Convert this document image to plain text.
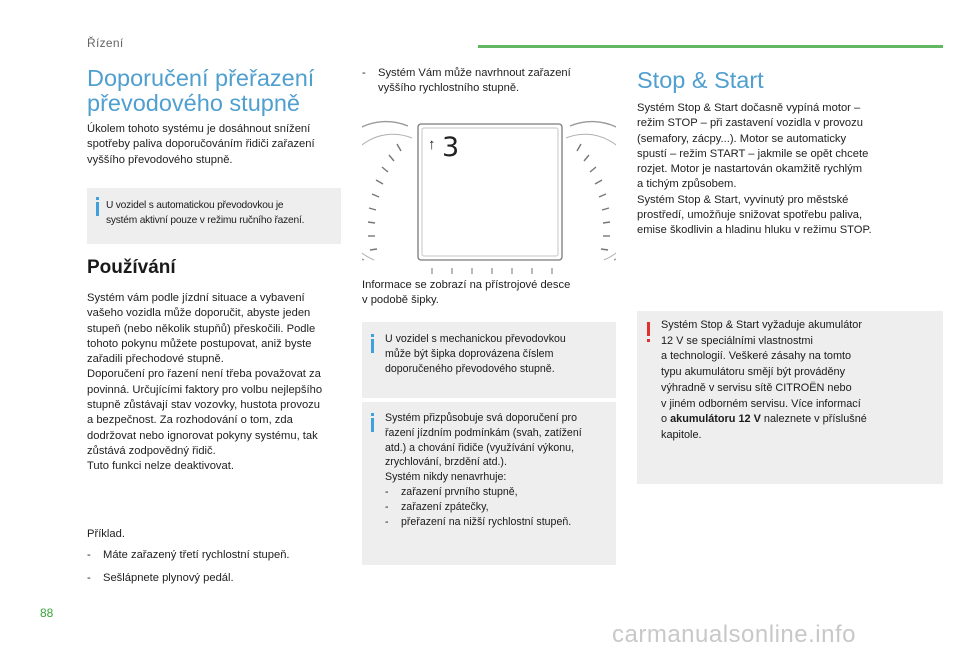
Řízení
Doporučení přeřazení
převodového stupně

Úkolem tohoto systému je dosáhnout snížení

spotřeby paliva doporučováním řidiči zařazení

vyššího převodového stupně.

U vozidel s automatickou převodovkou je

systém aktivní pouze v režimu ručního řazení.

Používání

Systém vám podle jízdní situace a vybavení

vašeho vozidla může doporučit, abyste jeden

stupeň (nebo několik stupňů) přeskočili. Podle

tohoto pokynu můžete postupovat, aniž byste

zařadili přechodové stupně.

Doporučení pro řazení není třeba považovat za

povinná. Určujícími faktory pro volbu nejlepšího

stupně zůstávají stav vozovky, hustota provozu

a bezpečnost. Za rozhodování o tom, zda

dodržovat nebo ignorovat pokyny systému, tak

zůstává zodpovědný řidič.

Tuto funkci nelze deaktivovat.

Příklad.
-	Máte zařazený třetí rychlostní stupeň.
-	Sešlápnete plynový pedál.
-	Systém Vám může navrhnout zařazení
vyššího rychlostního stupně.
↑ 3

Informace se zobrazí na přístrojové desce

v podobě šipky.

U vozidel s mechanickou převodovkou

může být šipka doprovázena číslem

doporučeného převodového stupně.

Systém přizpůsobuje svá doporučení pro

řazení jízdním podmínkám (svah, zatížení

atd.) a chování řidiče (využívání výkonu,

zrychlování, brzdění atd.).

Systém nikdy nenavrhuje:

-	zařazení prvního stupně,
-	zařazení zpátečky,
-	přeřazení na nižší rychlostní stupeň.
Stop & Start

Systém Stop & Start dočasně vypíná motor –

režim STOP – při zastavení vozidla v provozu

(semafory, zácpy...). Motor se automaticky

spustí – režim START – jakmile se opět chcete

rozjet. Motor je nastartován okamžitě rychlým

a tichým způsobem.

Systém Stop & Start, vyvinutý pro městské

prostředí, umožňuje snižovat spotřebu paliva,

emise škodlivin a hladinu hluku v režimu STOP.

Systém Stop & Start vyžaduje akumulátor

12 V se speciálními vlastnostmi

a technologií. Veškeré zásahy na tomto

typu akumulátoru smějí být prováděny

výhradně v servisu sítě CITROËN nebo

v jiném odborném servisu. Více informací

o akumulátoru 12 V naleznete v příslušné

kapitole.

88
carmanualsonline.info
